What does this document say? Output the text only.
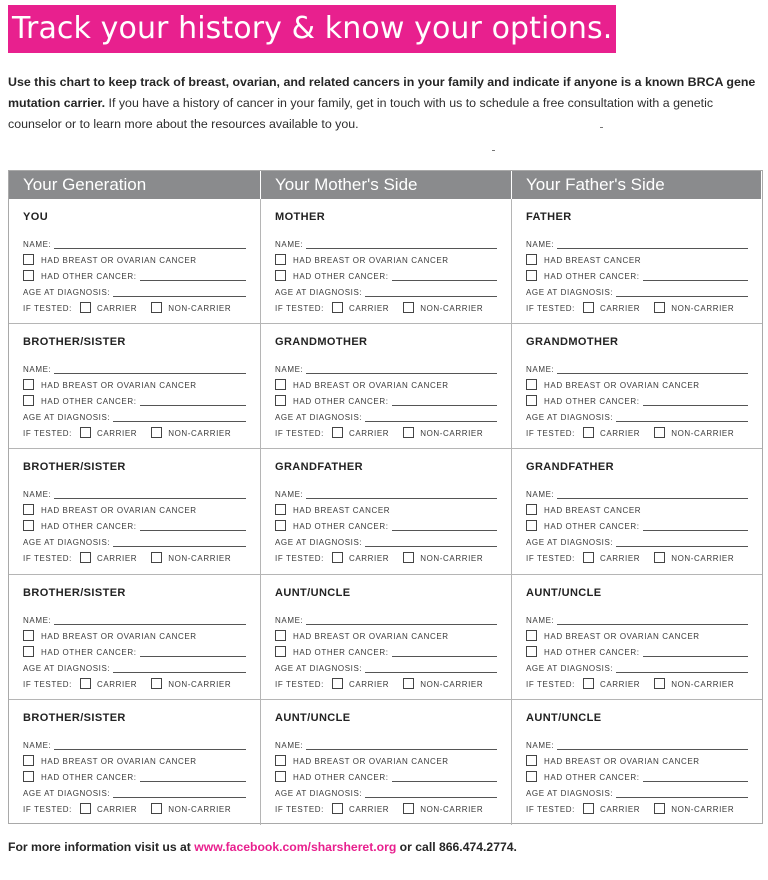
Track your history & know your options.

Use this chart to keep track of breast, ovarian, and related cancers in your family and indicate if anyone is a known BRCA gene mutation carrier. If you have a history of cancer in your family, get in touch with us to schedule a free consultation with a genetic counselor or to learn more about the resources available to you.

Your Generation	Your Mother's Side	Your Father's Side
YOU
NAME:
HAD BREAST OR OVARIAN CANCER
HAD OTHER CANCER:
AGE AT DIAGNOSIS:
IF TESTED:	CARRIER	NON-CARRIER
MOTHER
NAME:
HAD BREAST OR OVARIAN CANCER
HAD OTHER CANCER:
AGE AT DIAGNOSIS:
IF TESTED:	CARRIER	NON-CARRIER
FATHER
NAME:
HAD BREAST CANCER
HAD OTHER CANCER:
AGE AT DIAGNOSIS:
IF TESTED:	CARRIER	NON-CARRIER
BROTHER/SISTER
NAME:
HAD BREAST OR OVARIAN CANCER
HAD OTHER CANCER:
AGE AT DIAGNOSIS:
IF TESTED:	CARRIER	NON-CARRIER
GRANDMOTHER
NAME:
HAD BREAST OR OVARIAN CANCER
HAD OTHER CANCER:
AGE AT DIAGNOSIS:
IF TESTED:	CARRIER	NON-CARRIER
GRANDMOTHER
NAME:
HAD BREAST OR OVARIAN CANCER
HAD OTHER CANCER:
AGE AT DIAGNOSIS:
IF TESTED:	CARRIER	NON-CARRIER
BROTHER/SISTER
NAME:
HAD BREAST OR OVARIAN CANCER
HAD OTHER CANCER:
AGE AT DIAGNOSIS:
IF TESTED:	CARRIER	NON-CARRIER
GRANDFATHER
NAME:
HAD BREAST CANCER
HAD OTHER CANCER:
AGE AT DIAGNOSIS:
IF TESTED:	CARRIER	NON-CARRIER
GRANDFATHER
NAME:
HAD BREAST CANCER
HAD OTHER CANCER:
AGE AT DIAGNOSIS:
IF TESTED:	CARRIER	NON-CARRIER
BROTHER/SISTER
NAME:
HAD BREAST OR OVARIAN CANCER
HAD OTHER CANCER:
AGE AT DIAGNOSIS:
IF TESTED:	CARRIER	NON-CARRIER
AUNT/UNCLE
NAME:
HAD BREAST OR OVARIAN CANCER
HAD OTHER CANCER:
AGE AT DIAGNOSIS:
IF TESTED:	CARRIER	NON-CARRIER
AUNT/UNCLE
NAME:
HAD BREAST OR OVARIAN CANCER
HAD OTHER CANCER:
AGE AT DIAGNOSIS:
IF TESTED:	CARRIER	NON-CARRIER
BROTHER/SISTER
NAME:
HAD BREAST OR OVARIAN CANCER
HAD OTHER CANCER:
AGE AT DIAGNOSIS:
IF TESTED:	CARRIER	NON-CARRIER
AUNT/UNCLE
NAME:
HAD BREAST OR OVARIAN CANCER
HAD OTHER CANCER:
AGE AT DIAGNOSIS:
IF TESTED:	CARRIER	NON-CARRIER
AUNT/UNCLE
NAME:
HAD BREAST OR OVARIAN CANCER
HAD OTHER CANCER:
AGE AT DIAGNOSIS:
IF TESTED:	CARRIER	NON-CARRIER
For more information visit us at www.facebook.com/sharsheret.org or call 866.474.2774.
